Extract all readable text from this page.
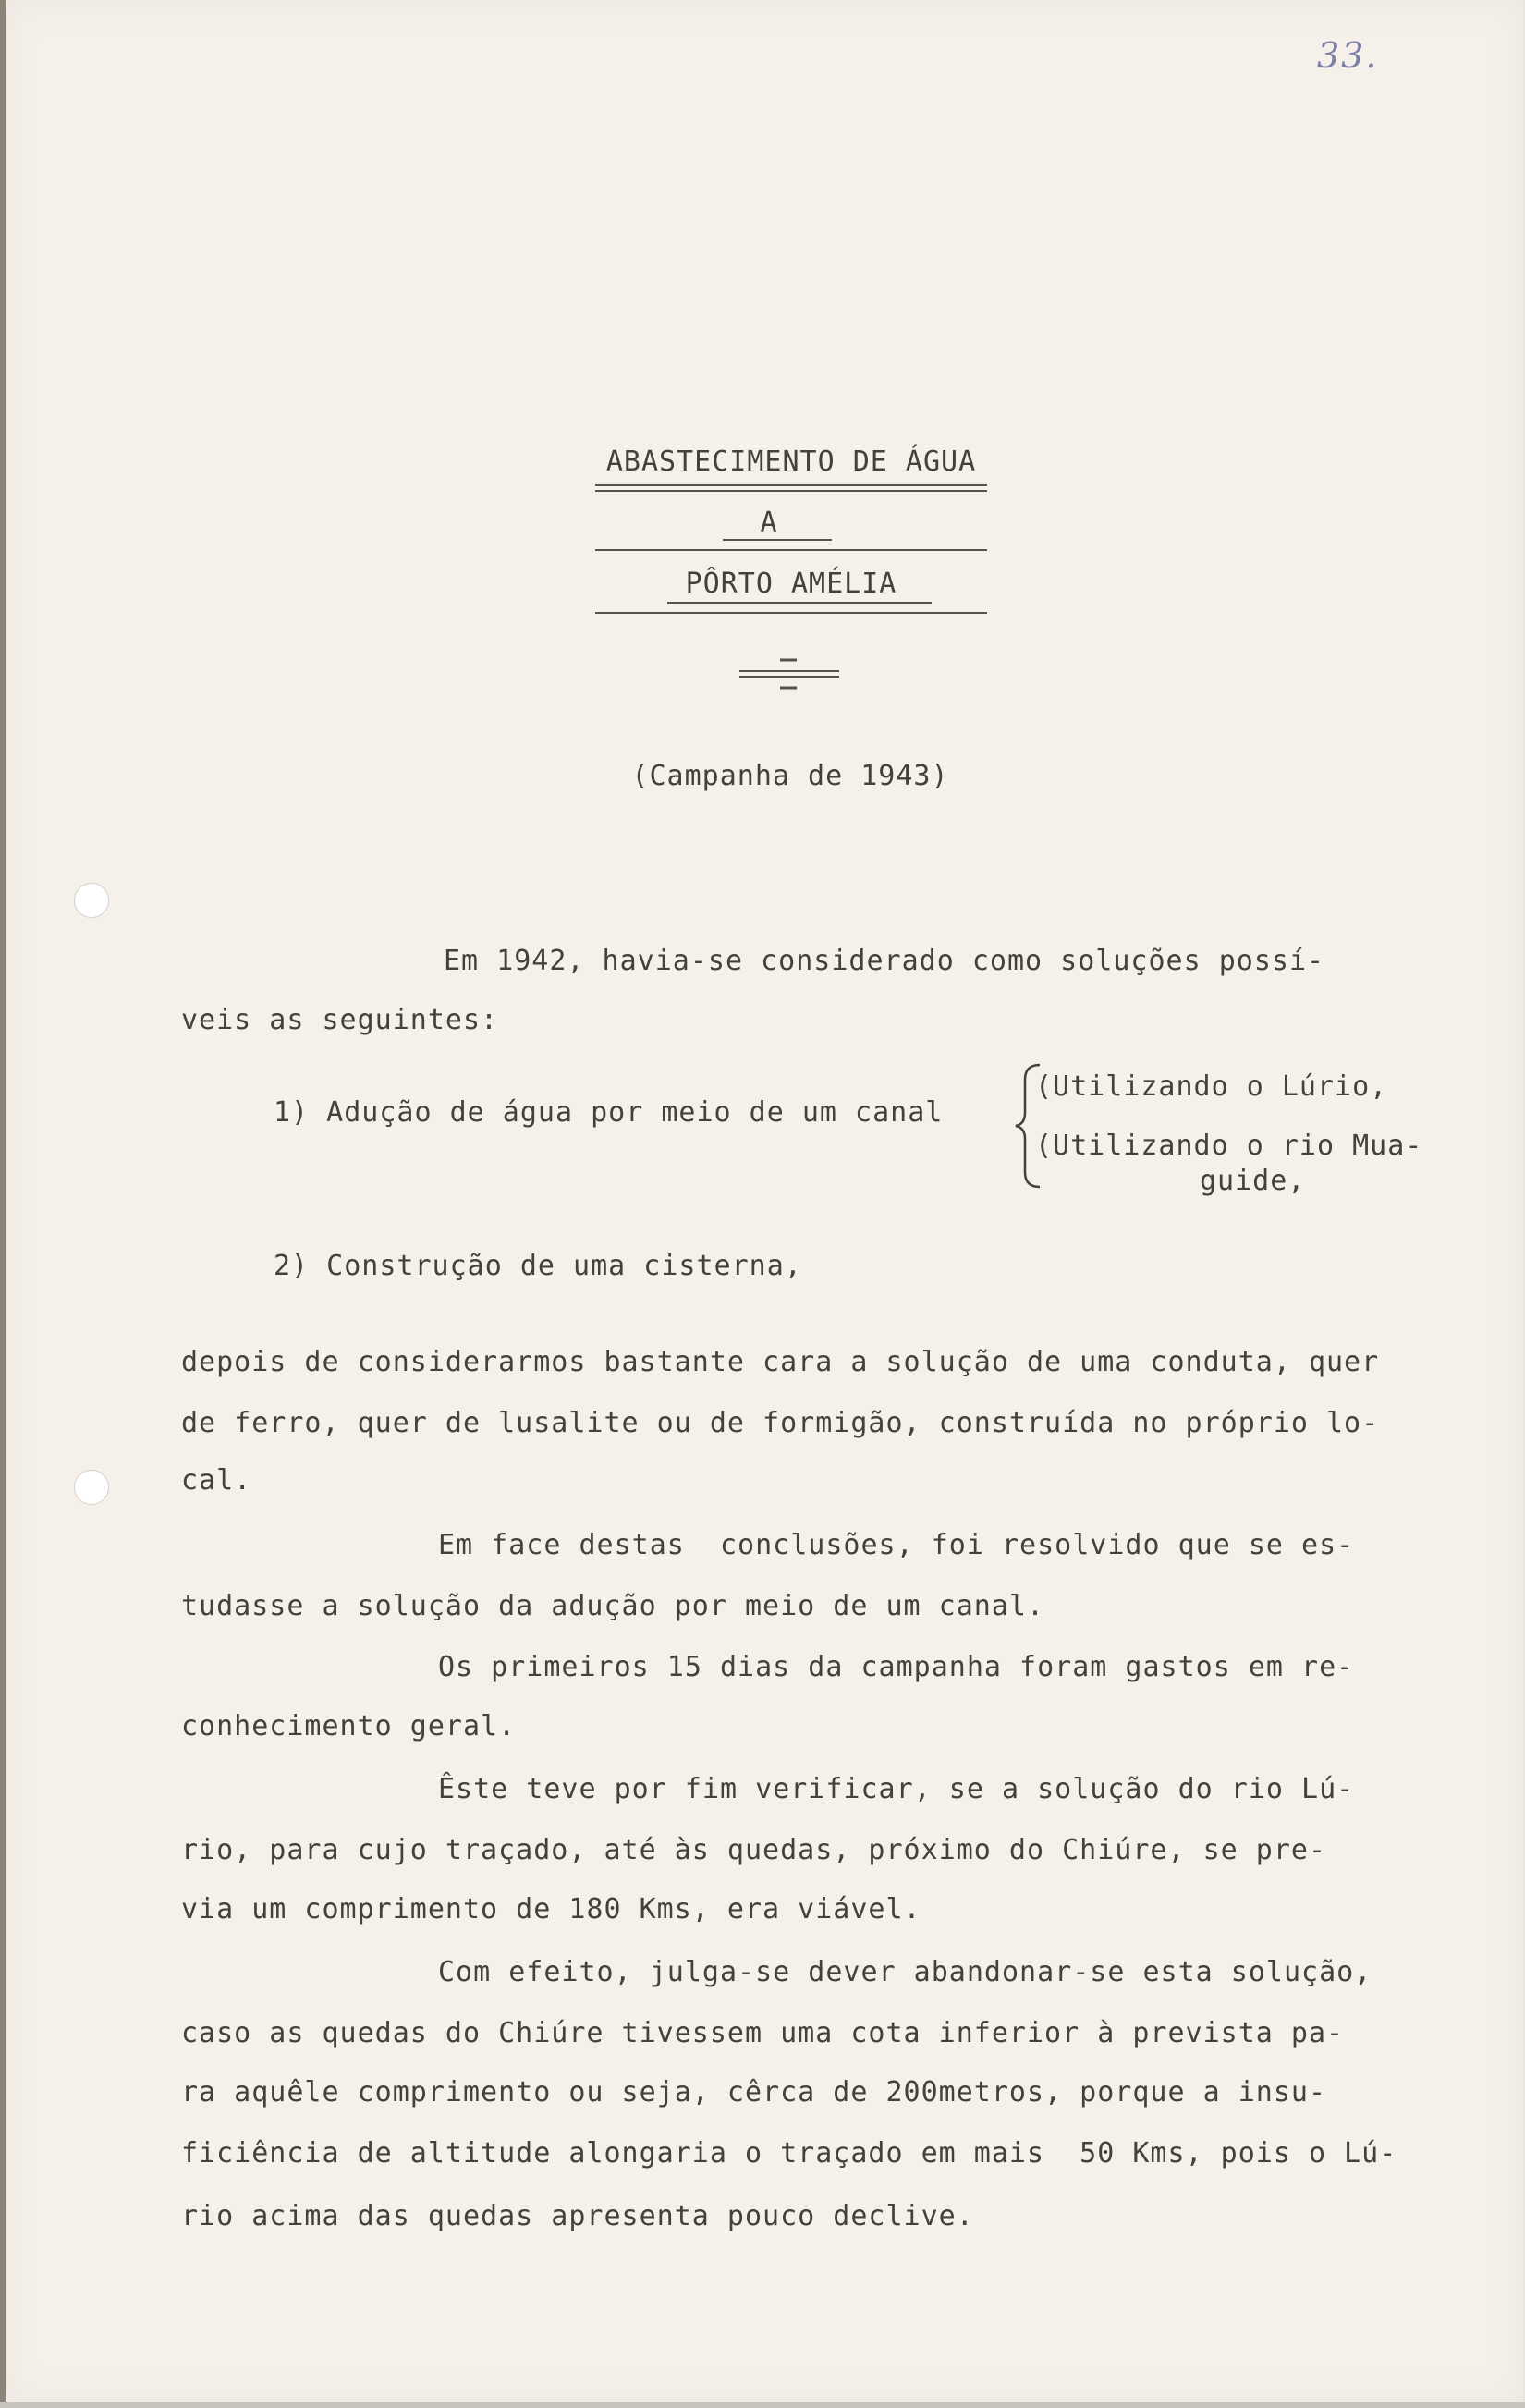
33.
ABASTECIMENTO DE ÁGUA
A
PÔRTO AMÉLIA
(Campanha de 1943)
Em 1942, havia-se considerado como soluções possí-
veis as seguintes:
1) Adução de água por meio de um canal
(Utilizando o Lúrio,
(Utilizando o rio Mua-
guide,
2) Construção de uma cisterna,
depois de considerarmos bastante cara a solução de uma conduta, quer
de ferro, quer de lusalite ou de formigão, construída no próprio lo-
cal.
Em face destas  conclusões, foi resolvido que se es-
tudasse a solução da adução por meio de um canal.
Os primeiros 15 dias da campanha foram gastos em re-
conhecimento geral.
Êste teve por fim verificar, se a solução do rio Lú-
rio, para cujo traçado, até às quedas, próximo do Chiúre, se pre-
via um comprimento de 180 Kms, era viável.
Com efeito, julga-se dever abandonar-se esta solução,
caso as quedas do Chiúre tivessem uma cota inferior à prevista pa-
ra aquêle comprimento ou seja, cêrca de 200metros, porque a insu-
ficiência de altitude alongaria o traçado em mais  50 Kms, pois o Lú-
rio acima das quedas apresenta pouco declive.
